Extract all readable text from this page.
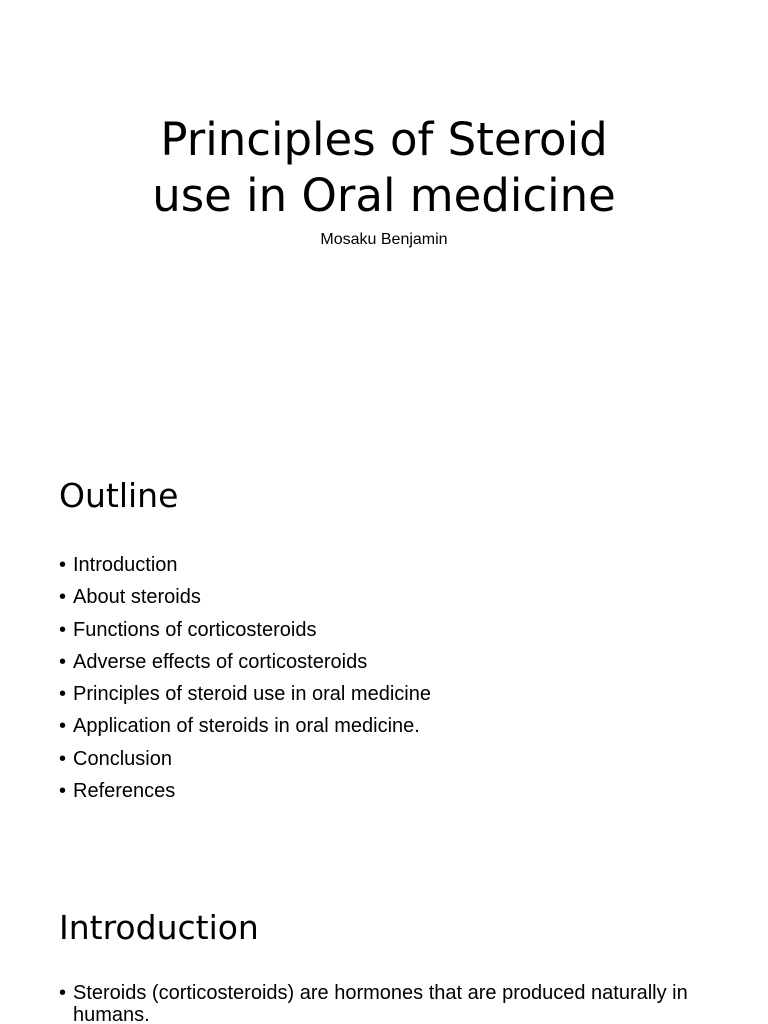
Principles of Steroid
use in Oral medicine

Mosaku Benjamin

Outline
• Introduction
• About steroids
• Functions of corticosteroids
• Adverse effects of corticosteroids
• Principles of steroid use in oral medicine
• Application of steroids in oral medicine.
• Conclusion
• References
Introduction
• Steroids (corticosteroids) are hormones that are produced naturally in humans.
